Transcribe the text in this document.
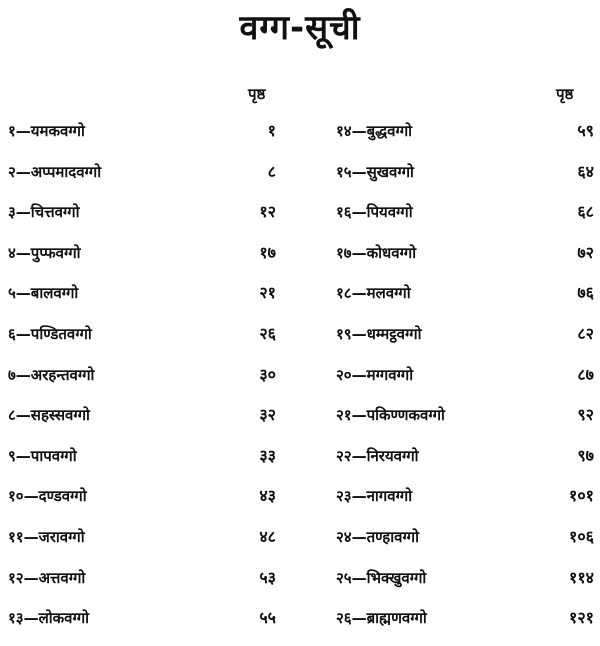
वग्ग-सूची
पृष्ठ	पृष्ठ
१—यमकवग्गो	१
२—अप्पमादवग्गो	८
३—चित्तवग्गो	१२
४—पुप्फवग्गो	१७
५—बालवग्गो	२१
६—पण्डितवग्गो	२६
७—अरहन्तवग्गो	३०
८—सहस्सवग्गो	३२
९—पापवग्गो	३३
१०—दण्डवग्गो	४३
११—जरावग्गो	४८
१२—अत्तवग्गो	५३
१३—लोकवग्गो	५५
१४—बुद्धवग्गो	५९
१५—सुखवग्गो	६४
१६—पियवग्गो	६८
१७—कोधवग्गो	७२
१८—मलवग्गो	७६
१९—धम्मट्ठवग्गो	८२
२०—मग्गवग्गो	८७
२१—पकिण्णकवग्गो	९२
२२—निरयवग्गो	९७
२३—नागवग्गो	१०१
२४—तण्हावग्गो	१०६
२५—भिक्खुवग्गो	११४
२६—ब्राह्मणवग्गो	१२१
